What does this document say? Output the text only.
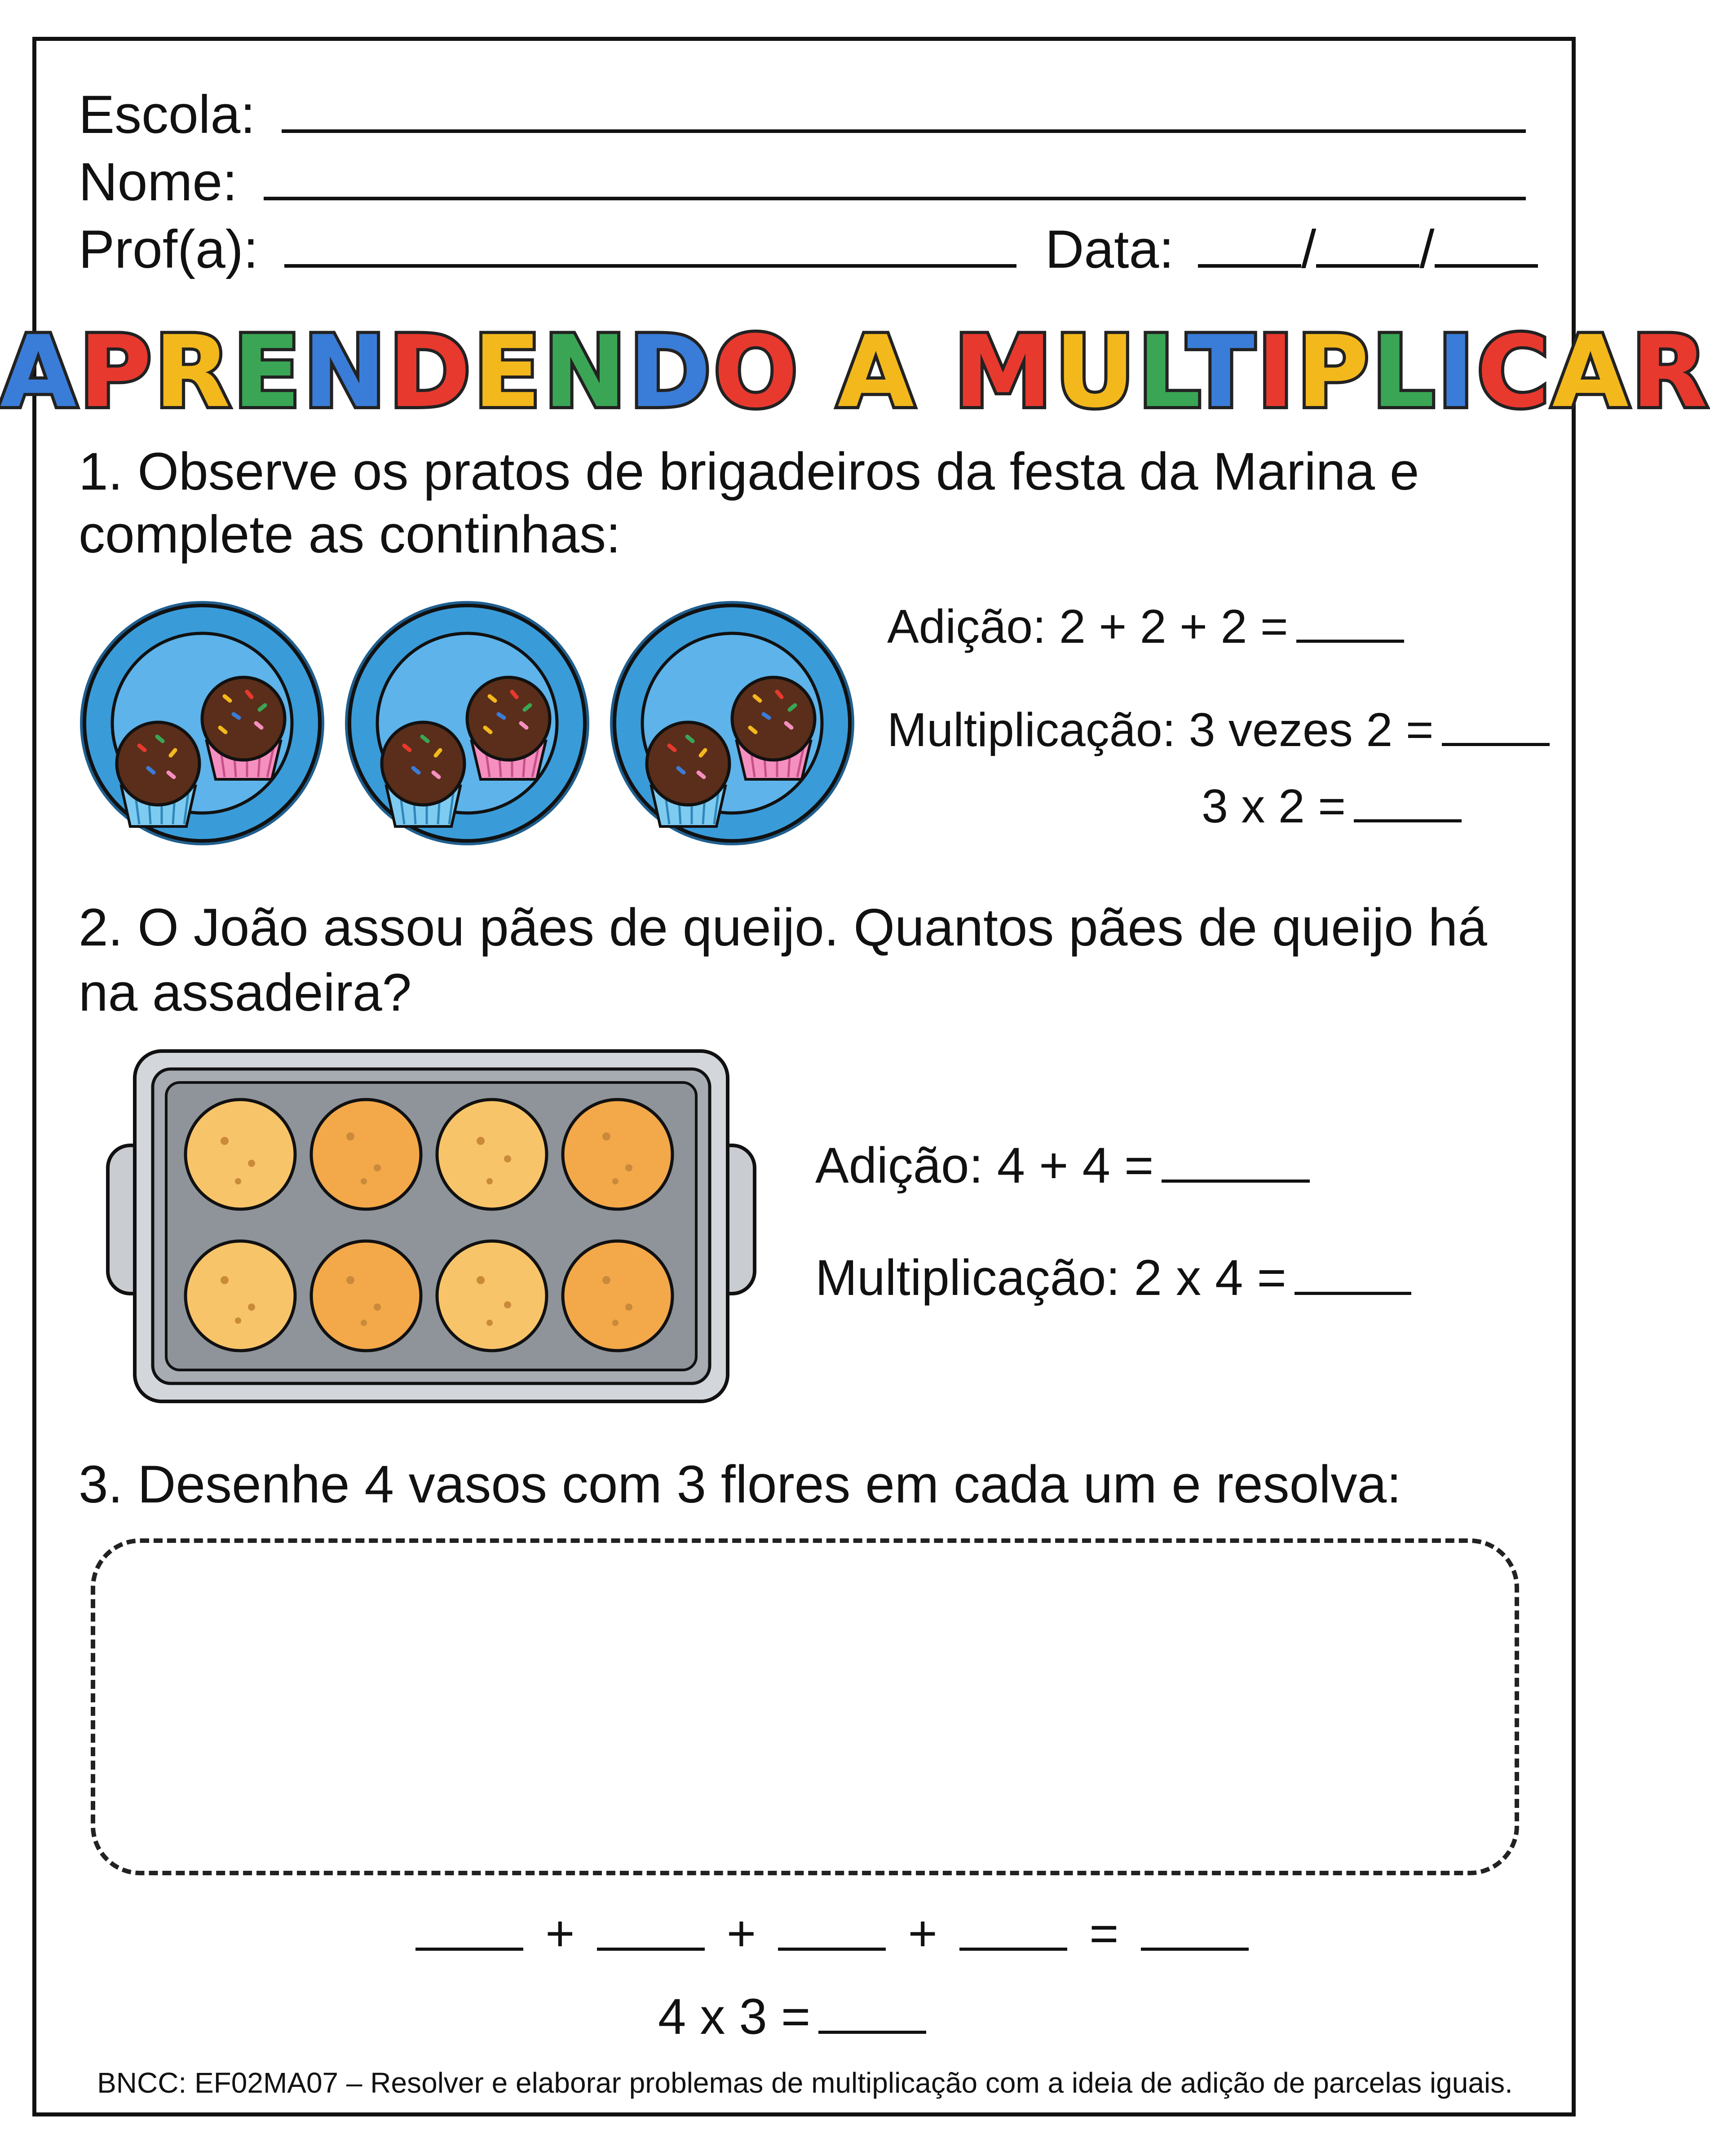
Escola:
Nome:
Prof(a):	Data: / /
APRENDENDO A MULTIPLICAR
1. Observe os pratos de brigadeiros da festa da Marina e
complete as continhas:
Adição: 2 + 2 + 2 =
Multiplicação: 3 vezes 2 =
3 x 2 =
2. O João assou pães de queijo. Quantos pães de queijo há
na assadeira?
Adição: 4 + 4 =
Multiplicação: 2 x 4 =
3. Desenhe 4 vasos com 3 flores em cada um e resolva:
+	+	+	=
4 x 3 =
BNCC: EF02MA07 – Resolver e elaborar problemas de multiplicação com a ideia de adição de parcelas iguais.
